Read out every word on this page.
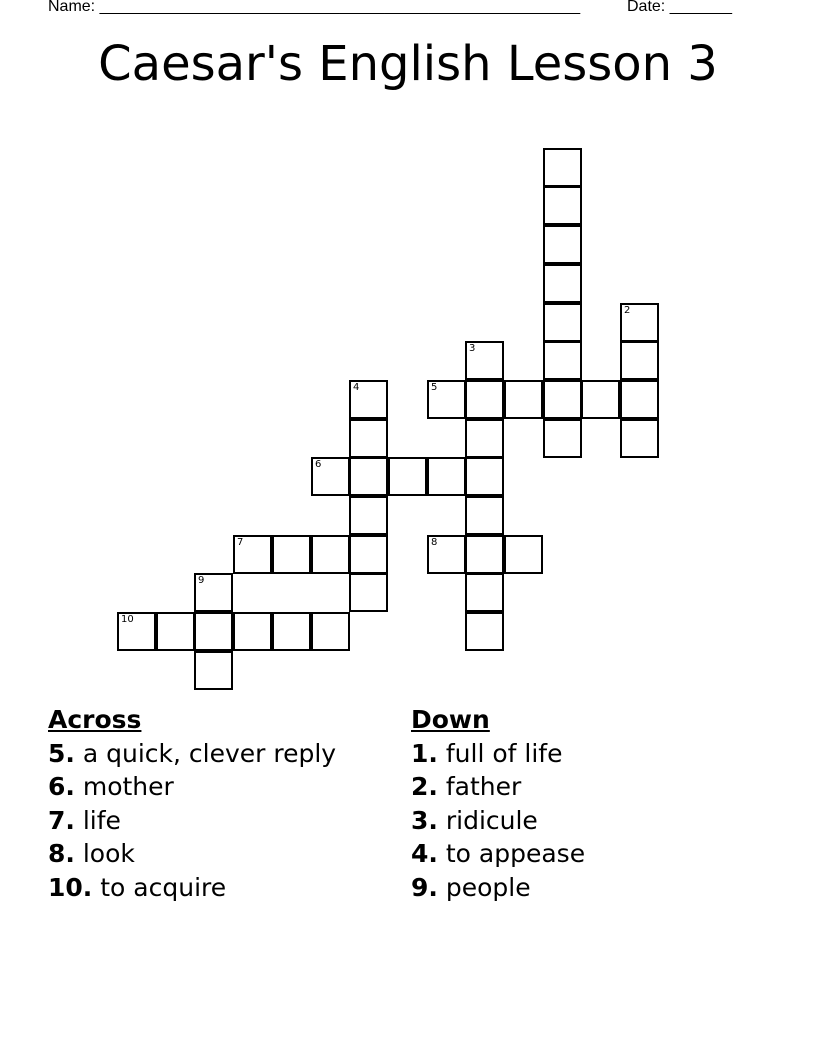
Name: ______________________________________________________	Date: _______
Caesar's English Lesson 3
2
3
4	5
6
7	8
9
10
Across
5. a quick, clever reply
6. mother
7. life
8. look
10. to acquire
Down
1. full of life
2. father
3. ridicule
4. to appease
9. people
